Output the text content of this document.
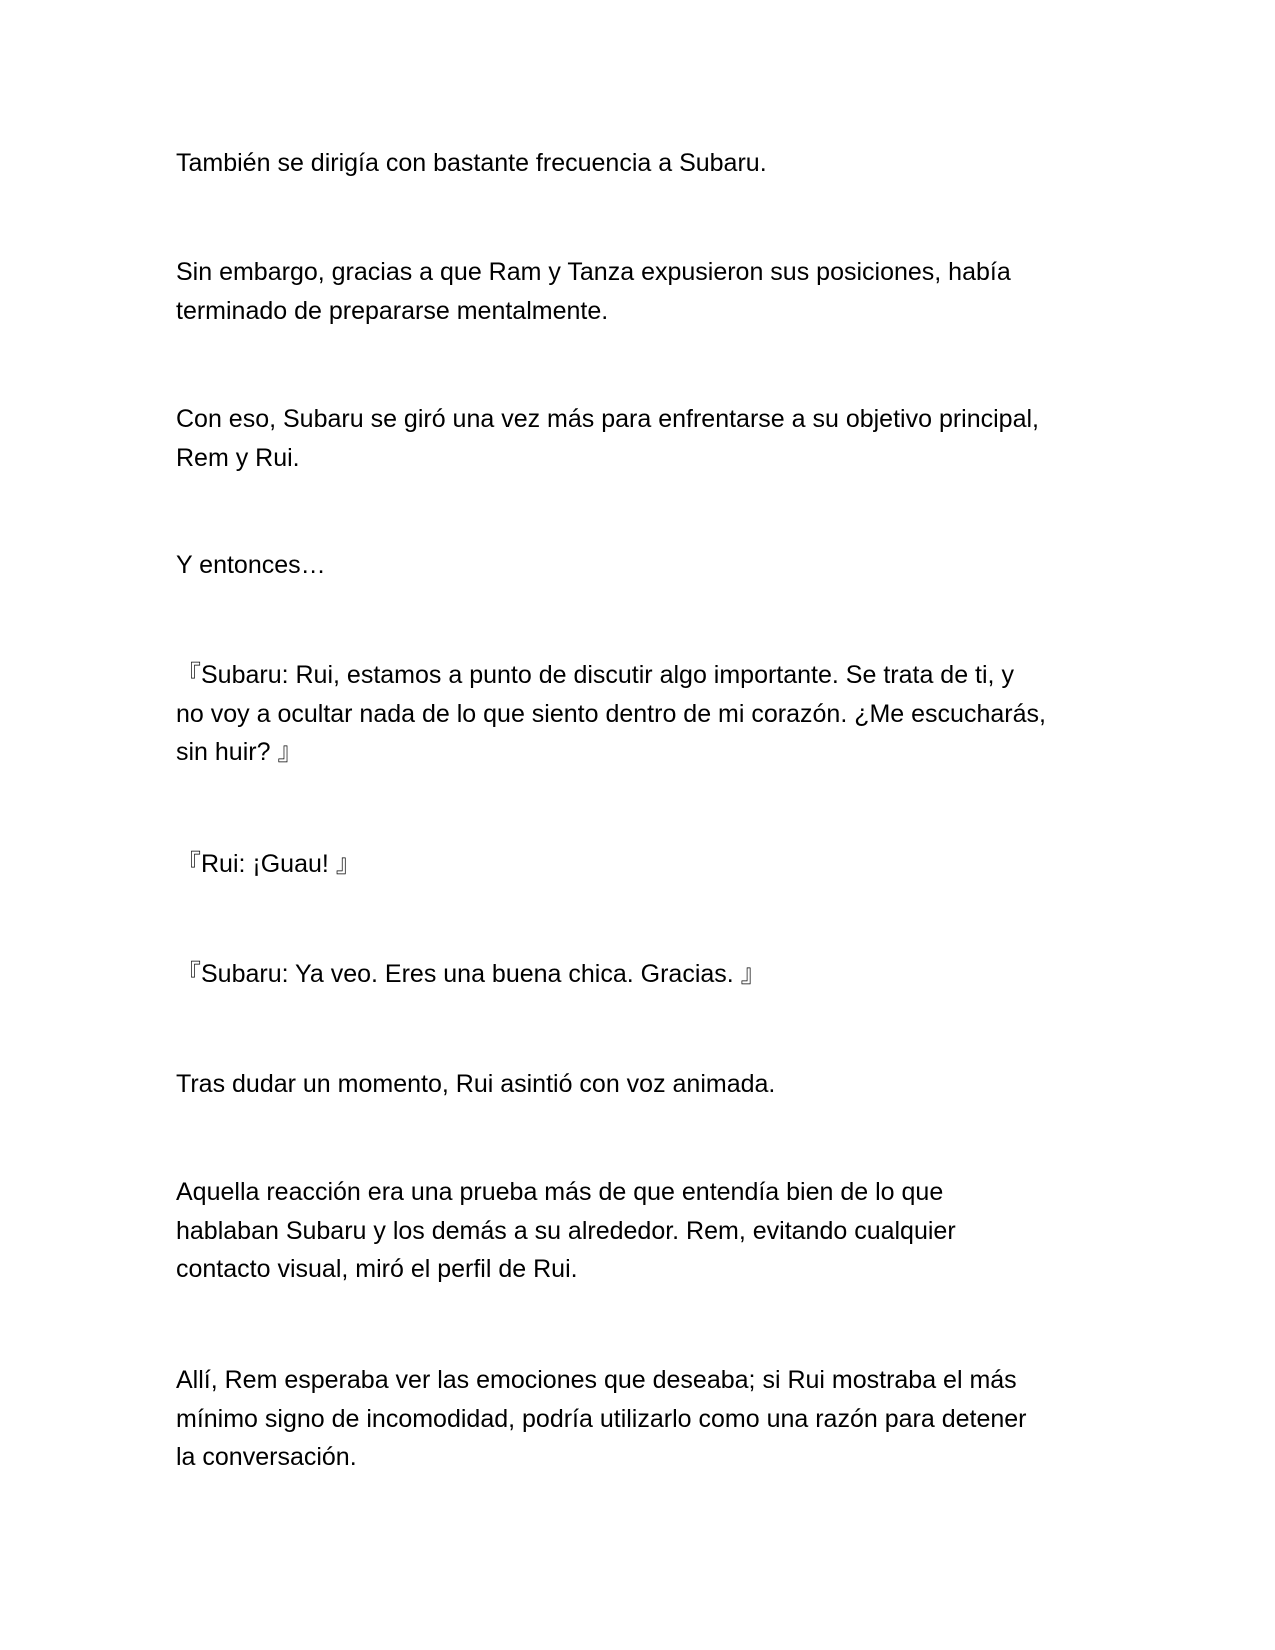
También se dirigía con bastante frecuencia a Subaru.

Sin embargo, gracias a que Ram y Tanza expusieron sus posiciones, había
terminado de prepararse mentalmente.

Con eso, Subaru se giró una vez más para enfrentarse a su objetivo principal,
Rem y Rui.

Y entonces…

『Subaru: Rui, estamos a punto de discutir algo importante. Se trata de ti, y
no voy a ocultar nada de lo que siento dentro de mi corazón. ¿Me escucharás,
sin huir? 』

『Rui: ¡Guau! 』

『Subaru: Ya veo. Eres una buena chica. Gracias. 』

Tras dudar un momento, Rui asintió con voz animada.

Aquella reacción era una prueba más de que entendía bien de lo que
hablaban Subaru y los demás a su alrededor. Rem, evitando cualquier
contacto visual, miró el perfil de Rui.

Allí, Rem esperaba ver las emociones que deseaba; si Rui mostraba el más
mínimo signo de incomodidad, podría utilizarlo como una razón para detener
la conversación.
